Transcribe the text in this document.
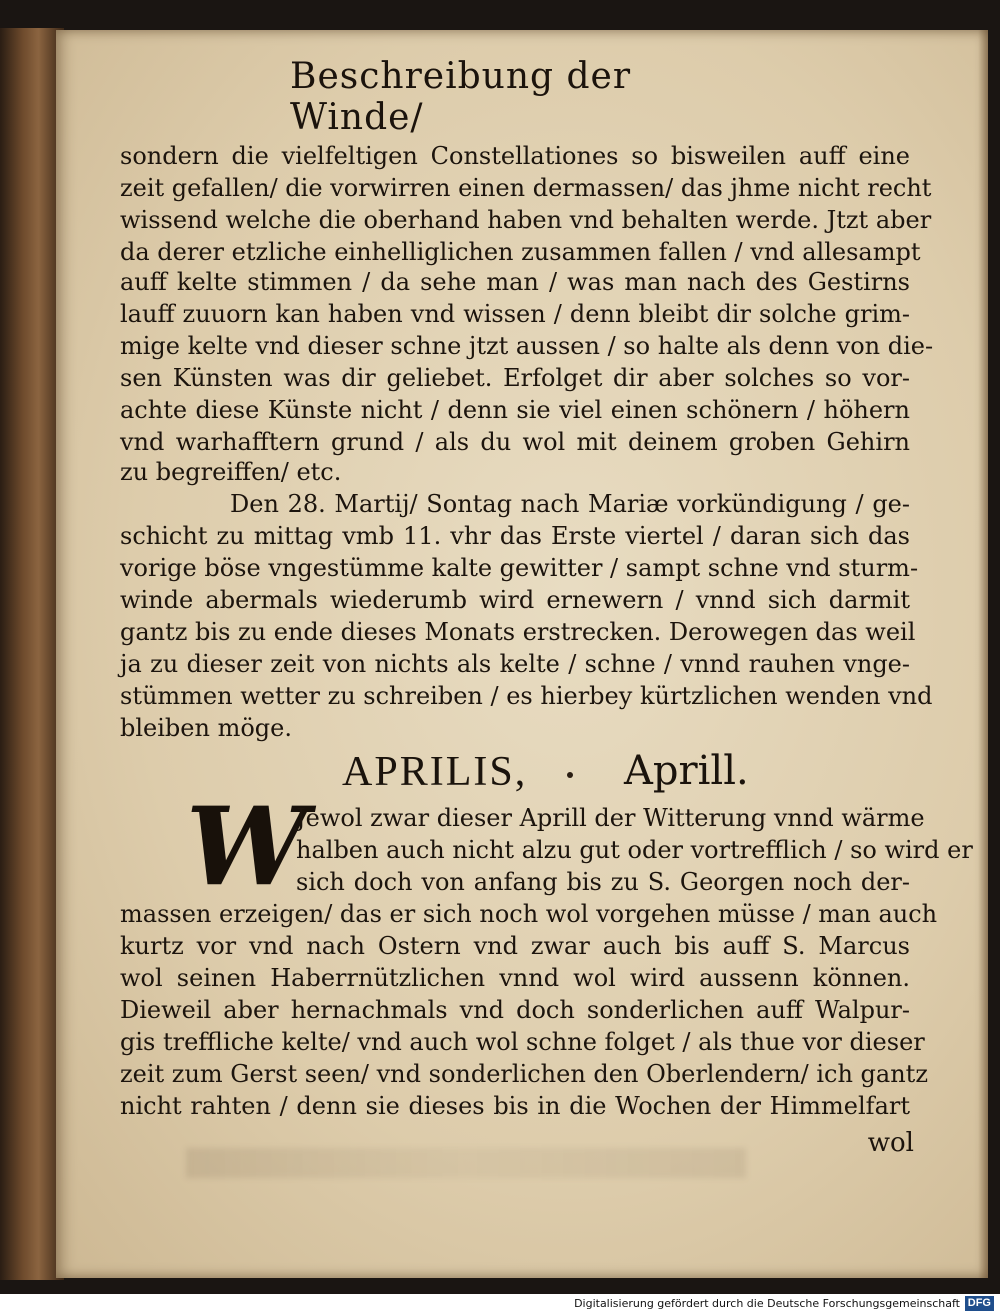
Beschreibung der Winde/
sondern die vielfeltigen Constellationes so bisweilen auff eine
zeit gefallen/ die vorwirren einen dermassen/ das jhme nicht recht
wissend welche die oberhand haben vnd behalten werde. Jtzt aber
da derer etzliche einhelliglichen zusammen fallen / vnd allesampt
auff kelte stimmen / da sehe man / was man nach des Gestirns
lauff zuuorn kan haben vnd wissen / denn bleibt dir solche grim-
mige kelte vnd dieser schne jtzt aussen / so halte als denn von die-
sen Künsten was dir geliebet. Erfolget dir aber solches so vor-
achte diese Künste nicht / denn sie viel einen schönern / höhern
vnd warhafftern grund / als du wol mit deinem groben Gehirn
zu begreiffen/ etc.
Den 28. Martij/ Sontag nach Mariæ vorkündigung / ge-
schicht zu mittag vmb 11. vhr das Erste viertel / daran sich das
vorige böse vngestümme kalte gewitter / sampt schne vnd sturm-
winde abermals wiederumb wird ernewern / vnnd sich darmit
gantz bis zu ende dieses Monats erstrecken. Derowegen das weil
ja zu dieser zeit von nichts als kelte / schne / vnnd rauhen vnge-
stümmen wetter zu schreiben / es hierbey kürtzlichen wenden vnd
bleiben möge.
APRILIS, Aprill.
W
Jewol zwar dieser Aprill der Witterung vnnd wärme
halben auch nicht alzu gut oder vortrefflich / so wird er
sich doch von anfang bis zu S. Georgen noch der-
massen erzeigen/ das er sich noch wol vorgehen müsse / man auch
kurtz vor vnd nach Ostern vnd zwar auch bis auff S. Marcus
wol seinen Haberrnützlichen vnnd wol wird aussenn können.
Dieweil aber hernachmals vnd doch sonderlichen auff Walpur-
gis treffliche kelte/ vnd auch wol schne folget / als thue vor dieser
zeit zum Gerst seen/ vnd sonderlichen den Oberlendern/ ich gantz
nicht rahten / denn sie dieses bis in die Wochen der Himmelfart
wol
Digitalisierung gefördert durch die Deutsche Forschungsgemeinschaft DFG
